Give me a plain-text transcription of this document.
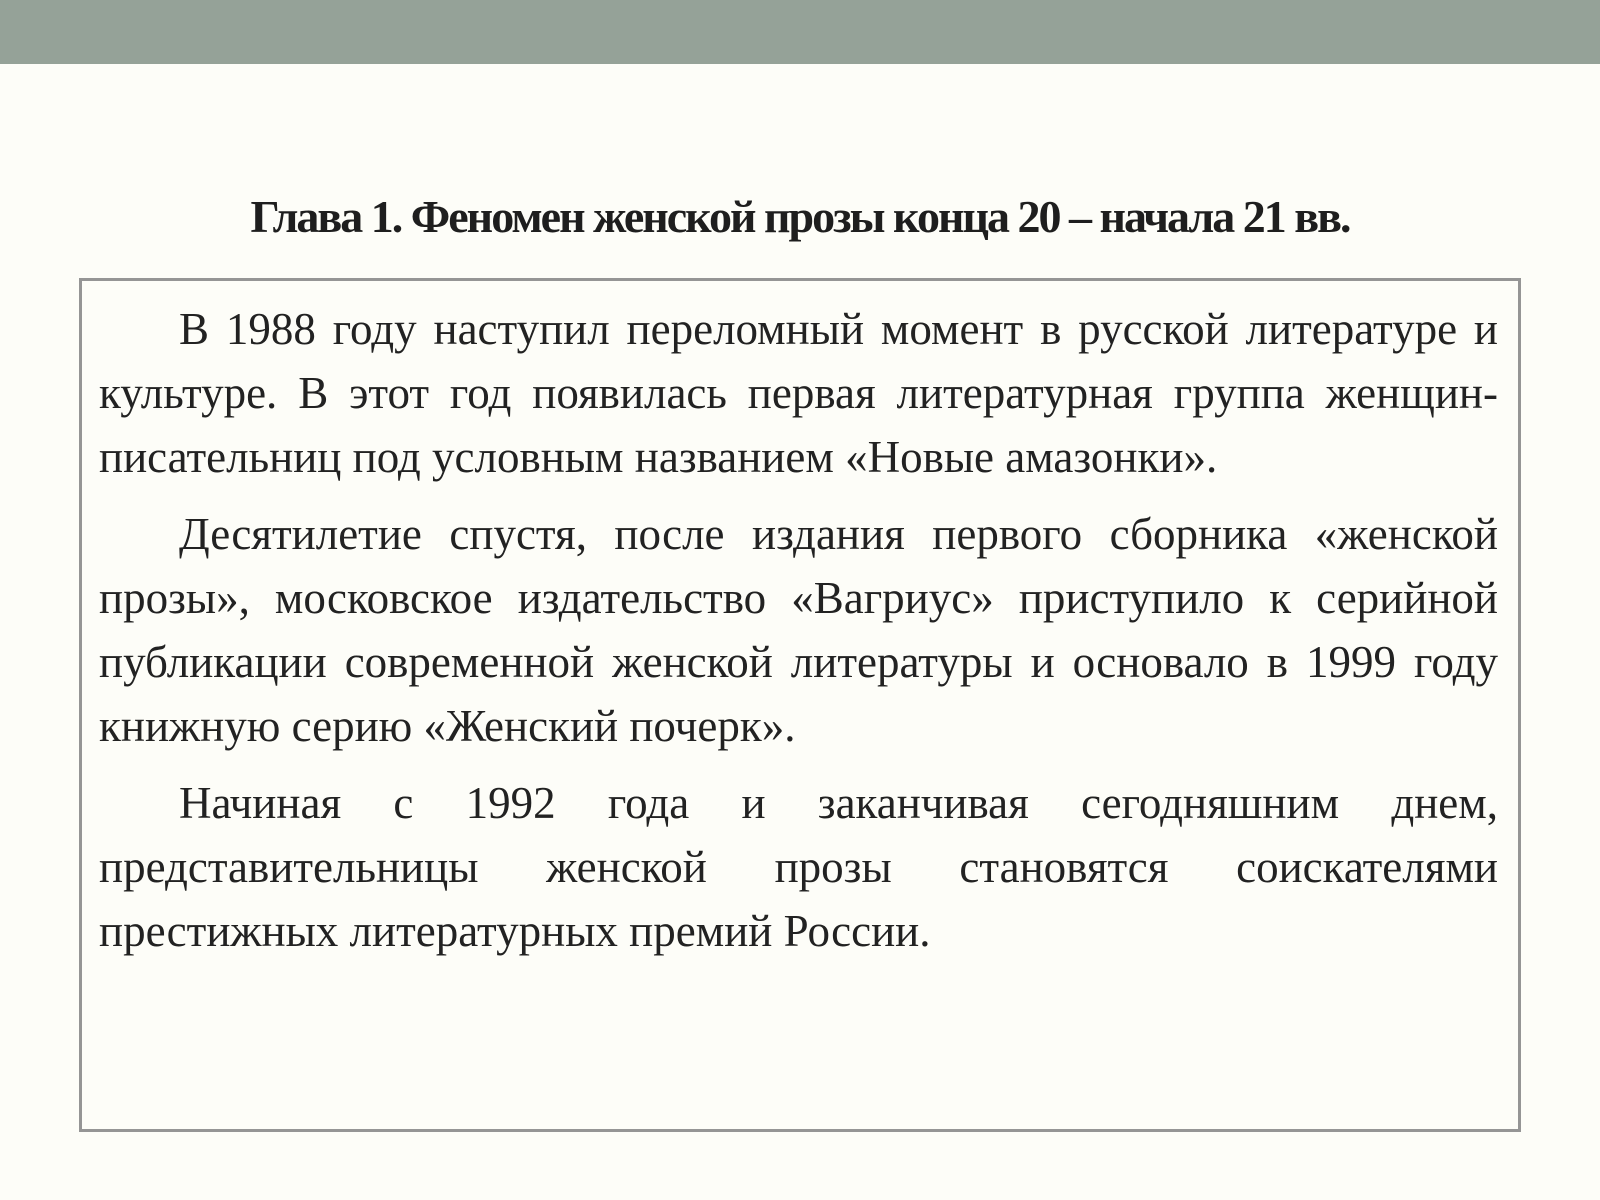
Глава 1. Феномен женской прозы конца 20 – начала 21 вв.

В 1988 году наступил переломный момент в русской литературе и культуре. В этот год появилась первая литературная группа женщин-писательниц под условным названием «Новые амазонки».

Десятилетие спустя, после издания первого сборника «женской прозы», московское издательство «Вагриус» приступило к серийной публикации современной женской литературы и основало в 1999 году книжную серию «Женский почерк».

Начиная с 1992 года и заканчивая сегодняшним днем, представительницы женской прозы становятся соискателями престижных литературных премий России.
